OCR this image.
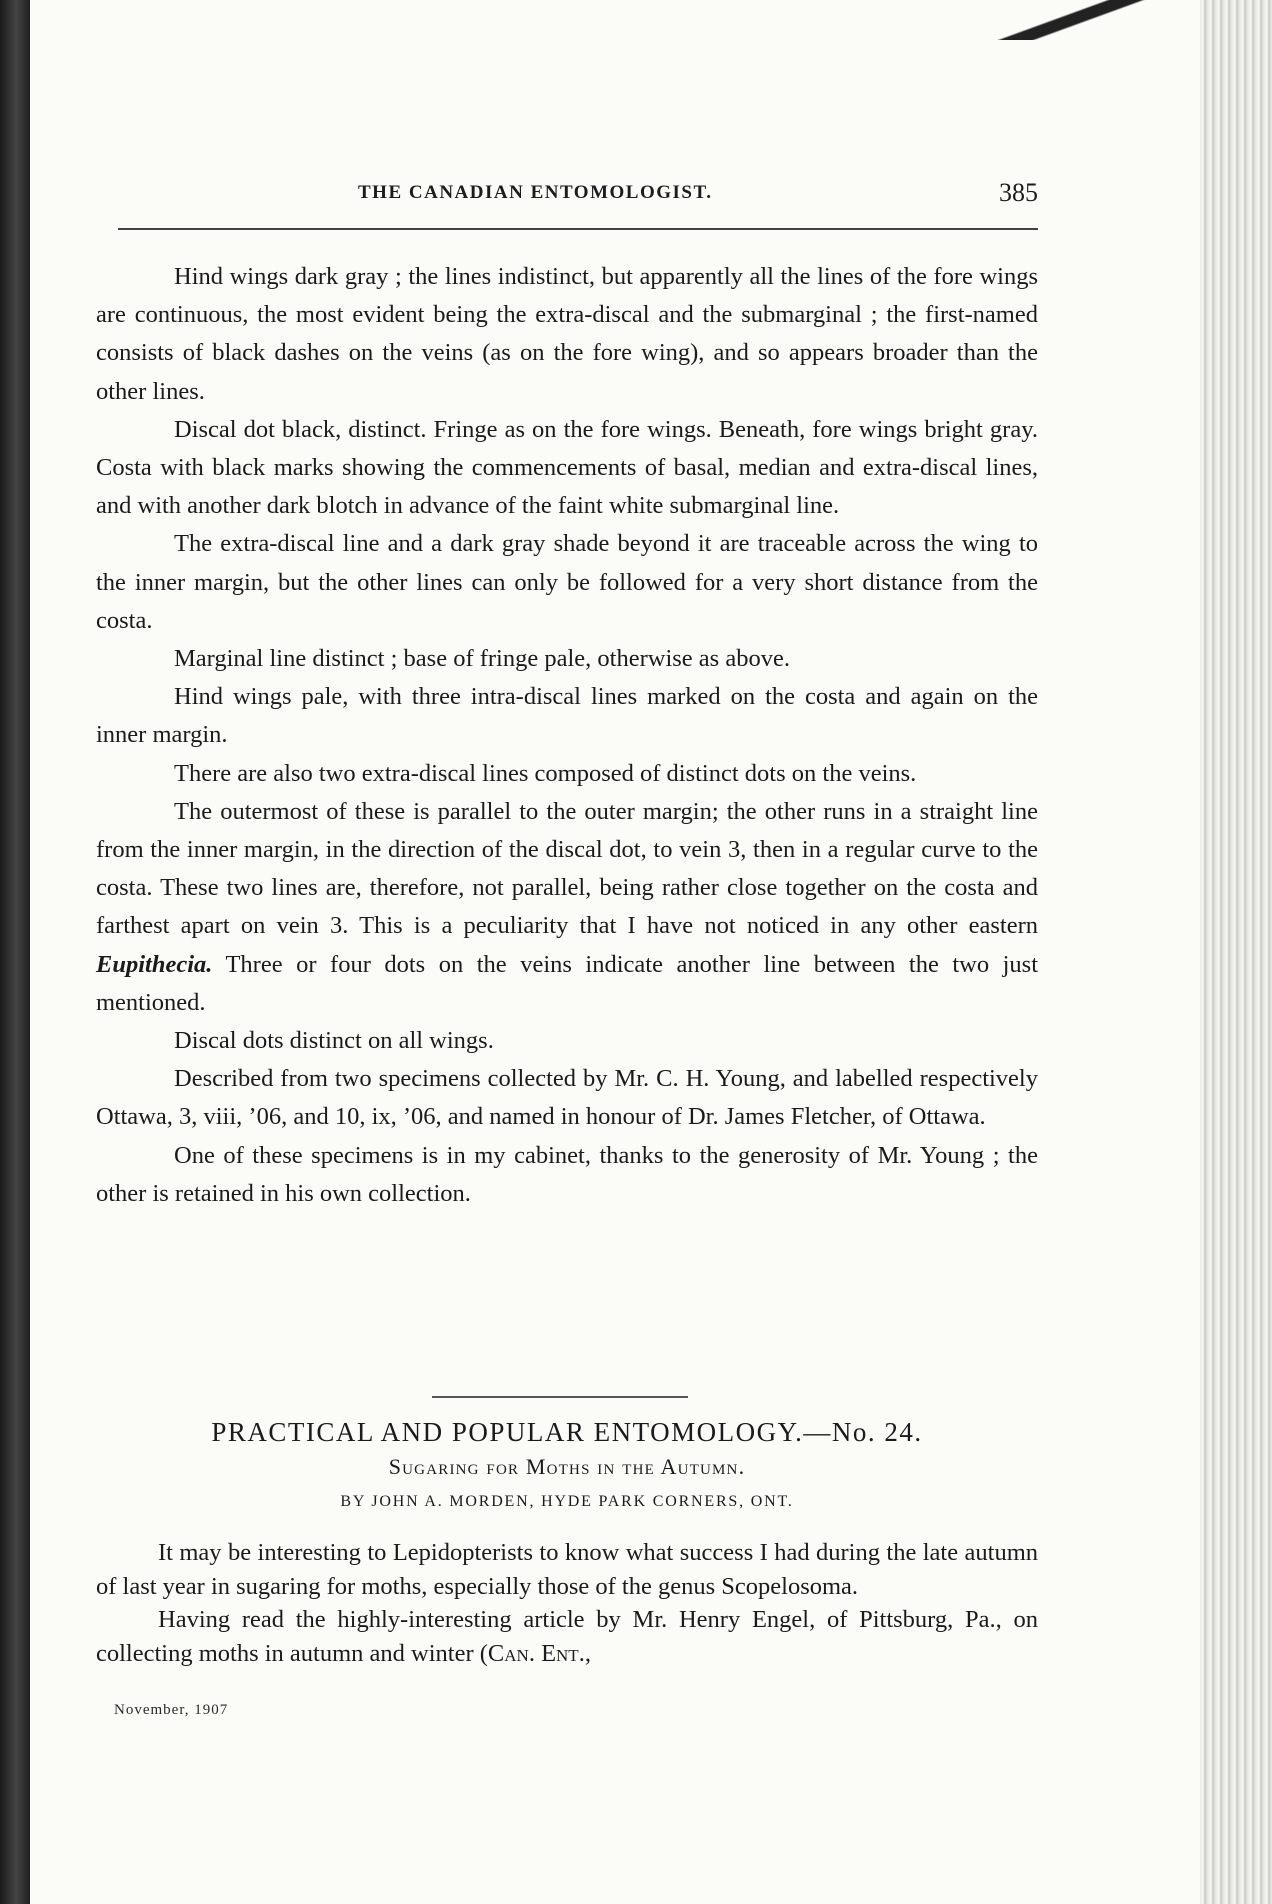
THE CANADIAN ENTOMOLOGIST.	385

Hind wings dark gray ; the lines indistinct, but apparently all the lines of the fore wings are continuous, the most evident being the extra-discal and the submarginal ; the first-named consists of black dashes on the veins (as on the fore wing), and so appears broader than the other lines.

Discal dot black, distinct. Fringe as on the fore wings. Beneath, fore wings bright gray. Costa with black marks showing the commencements of basal, median and extra-discal lines, and with another dark blotch in advance of the faint white submarginal line.

The extra-discal line and a dark gray shade beyond it are traceable across the wing to the inner margin, but the other lines can only be followed for a very short distance from the costa.

Marginal line distinct ; base of fringe pale, otherwise as above.

Hind wings pale, with three intra-discal lines marked on the costa and again on the inner margin.

There are also two extra-discal lines composed of distinct dots on the veins.

The outermost of these is parallel to the outer margin; the other runs in a straight line from the inner margin, in the direction of the discal dot, to vein 3, then in a regular curve to the costa. These two lines are, therefore, not parallel, being rather close together on the costa and farthest apart on vein 3. This is a peculiarity that I have not noticed in any other eastern Eupithecia. Three or four dots on the veins indicate another line between the two just mentioned.

Discal dots distinct on all wings.

Described from two specimens collected by Mr. C. H. Young, and labelled respectively Ottawa, 3, viii, ’06, and 10, ix, ’06, and named in honour of Dr. James Fletcher, of Ottawa.

One of these specimens is in my cabinet, thanks to the generosity of Mr. Young ; the other is retained in his own collection.

PRACTICAL AND POPULAR ENTOMOLOGY.—No. 24.
Sugaring for Moths in the Autumn.
BY JOHN A. MORDEN, HYDE PARK CORNERS, ONT.

It may be interesting to Lepidopterists to know what success I had during the late autumn of last year in sugaring for moths, especially those of the genus Scopelosoma.

Having read the highly-interesting article by Mr. Henry Engel, of Pittsburg, Pa., on collecting moths in autumn and winter (Can. Ent.,

November, 1907
